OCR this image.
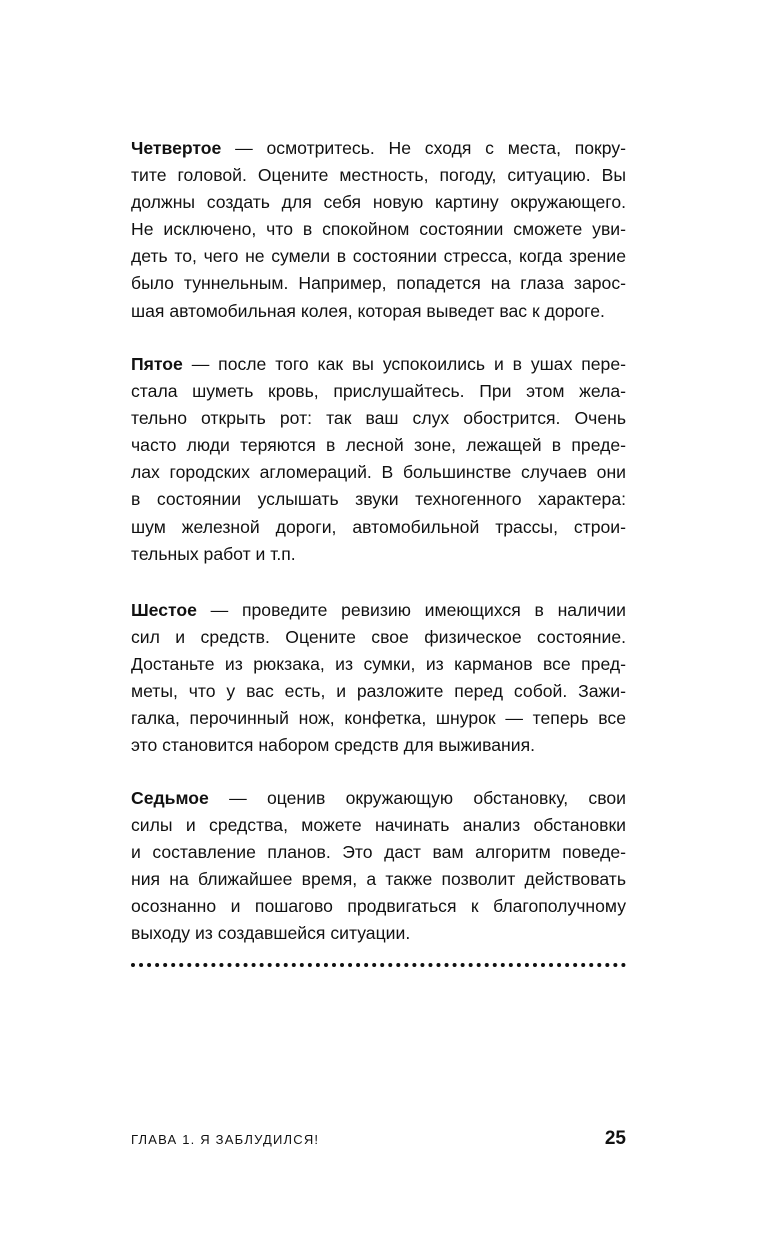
Четвертое — осмотритесь. Не сходя с места, покру-
тите головой. Оцените местность, погоду, ситуацию. Вы
должны создать для себя новую картину окружающего.
Не исключено, что в спокойном состоянии сможете уви-
деть то, чего не сумели в состоянии стресса, когда зрение
было туннельным. Например, попадется на глаза зарос-
шая автомобильная колея, которая выведет вас к дороге.
Пятое — после того как вы успокоились и в ушах пере-
стала шуметь кровь, прислушайтесь. При этом жела-
тельно открыть рот: так ваш слух обострится. Очень
часто люди теряются в лесной зоне, лежащей в преде-
лах городских агломераций. В большинстве случаев они
в состоянии услышать звуки техногенного характера:
шум железной дороги, автомобильной трассы, строи-
тельных работ и т.п.
Шестое — проведите ревизию имеющихся в наличии
сил и средств. Оцените свое физическое состояние.
Достаньте из рюкзака, из сумки, из карманов все пред-
меты, что у вас есть, и разложите перед собой. Зажи-
галка, перочинный нож, конфетка, шнурок — теперь все
это становится набором средств для выживания.
Седьмое — оценив окружающую обстановку, свои
силы и средства, можете начинать анализ обстановки
и составление планов. Это даст вам алгоритм поведе-
ния на ближайшее время, а также позволит действовать
осознанно и пошагово продвигаться к благополучному
выходу из создавшейся ситуации.
ГЛАВА 1. Я ЗАБЛУДИЛСЯ!	25
